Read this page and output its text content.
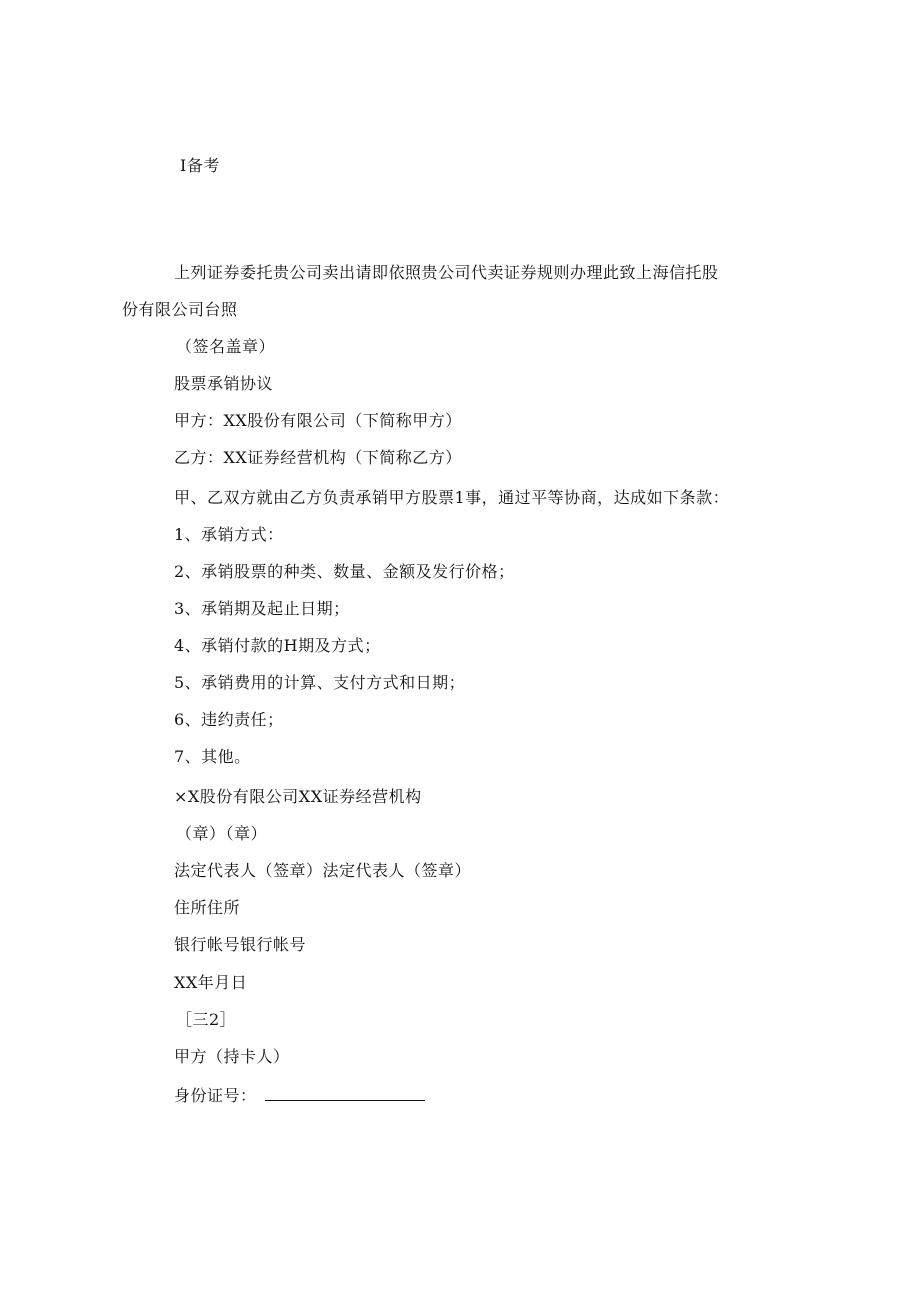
I备考
上列证券委托贵公司卖出请即依照贵公司代卖证券规则办理此致上海信托股
份有限公司台照
（签名盖章）
股票承销协议
甲方：XX股份有限公司（下简称甲方）
乙方：XX证券经营机构（下简称乙方）
甲、乙双方就由乙方负责承销甲方股票1事，通过平等协商，达成如下条款：
1、承销方式：
2、承销股票的种类、数量、金额及发行价格；
3、承销期及起止日期；
4、承销付款的H期及方式；
5、承销费用的计算、支付方式和日期；
6、违约责任；
7、其他。
×X股份有限公司XX证券经营机构
（章）（章）
法定代表人（签章）法定代表人（签章）
住所住所
银行帐号银行帐号
XX年月日
［三2］
甲方（持卡人）
身份证号：
